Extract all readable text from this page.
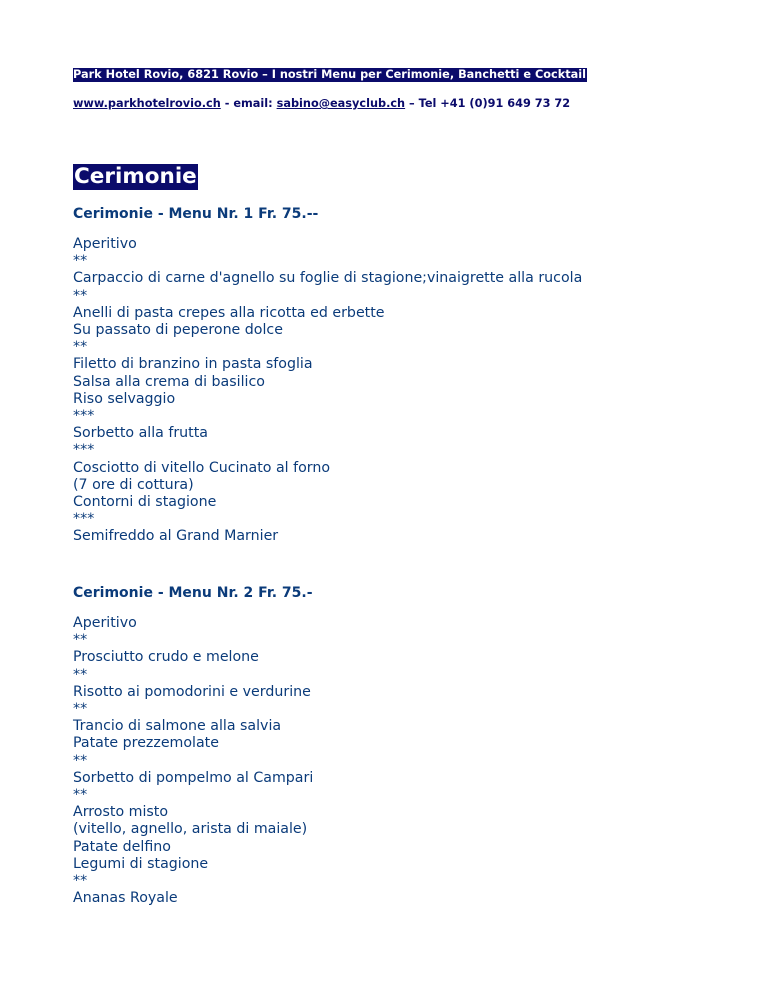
Park Hotel Rovio, 6821 Rovio – I nostri Menu per Cerimonie, Banchetti e Cocktail
www.parkhotelrovio.ch - email: sabino@easyclub.ch – Tel +41 (0)91 649 73 72
Cerimonie
Cerimonie - Menu Nr. 1 Fr. 75.--
Aperitivo
**
Carpaccio di carne d'agnello su foglie di stagione;vinaigrette alla rucola
**
Anelli di pasta crepes alla ricotta ed erbette
Su passato di peperone dolce
**
Filetto di branzino in pasta sfoglia
Salsa alla crema di basilico
Riso selvaggio
***
Sorbetto alla frutta
***
Cosciotto di vitello Cucinato al forno
(7 ore di cottura)
Contorni di stagione
***
Semifreddo al Grand Marnier
Cerimonie - Menu Nr. 2 Fr. 75.-
Aperitivo
**
Prosciutto crudo e melone
**
Risotto ai pomodorini e verdurine
**
Trancio di salmone alla salvia
Patate prezzemolate
**
Sorbetto di pompelmo al Campari
**
Arrosto misto
(vitello, agnello, arista di maiale)
Patate delfino
Legumi di stagione
**
Ananas Royale
